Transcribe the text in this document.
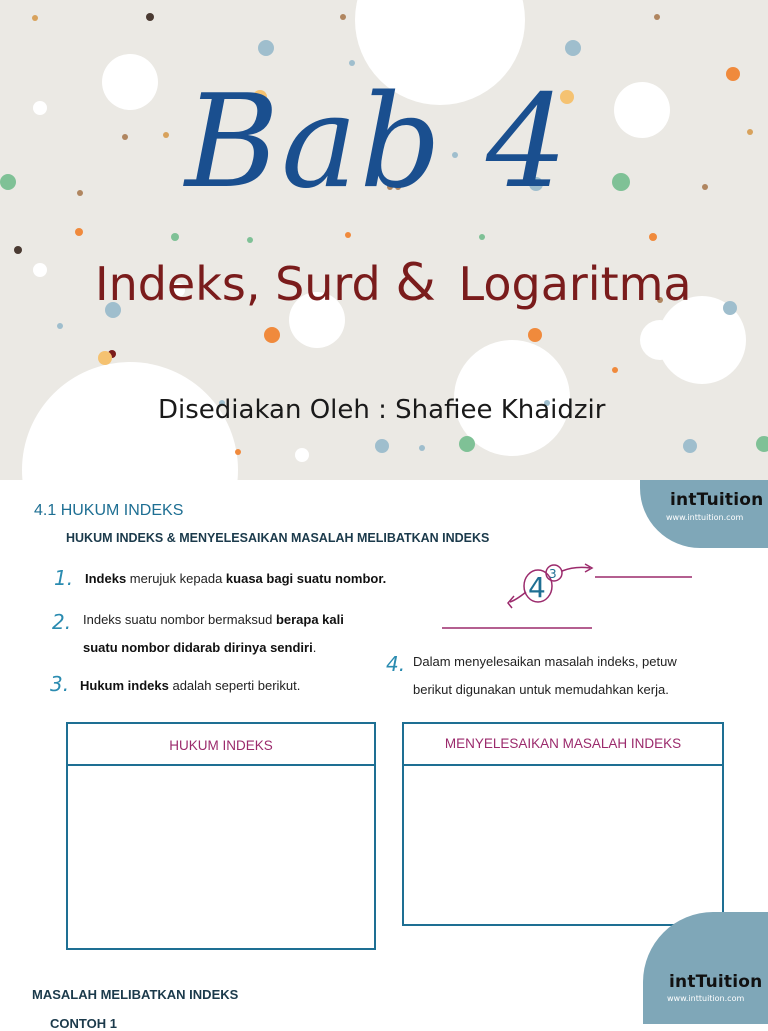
Bab 4
Indeks, Surd & Logaritma
Disediakan Oleh : Shafiee Khaidzir
intTuition
www.inttuition.com
4.1 HUKUM INDEKS
HUKUM INDEKS & MENYELESAIKAN MASALAH MELIBATKAN INDEKS
1. Indeks merujuk kepada kuasa bagi suatu nombor.
2. Indeks suatu nombor bermaksud berapa kali
suatu nombor didarab dirinya sendiri.
3. Hukum indeks adalah seperti berikut.
4. Dalam menyelesaikan masalah indeks, petuw
berikut digunakan untuk memudahkan kerja.
4 3
HUKUM INDEKS	MENYELESAIKAN MASALAH INDEKS
intTuition
www.inttuition.com
MASALAH MELIBATKAN INDEKS
CONTOH 1
